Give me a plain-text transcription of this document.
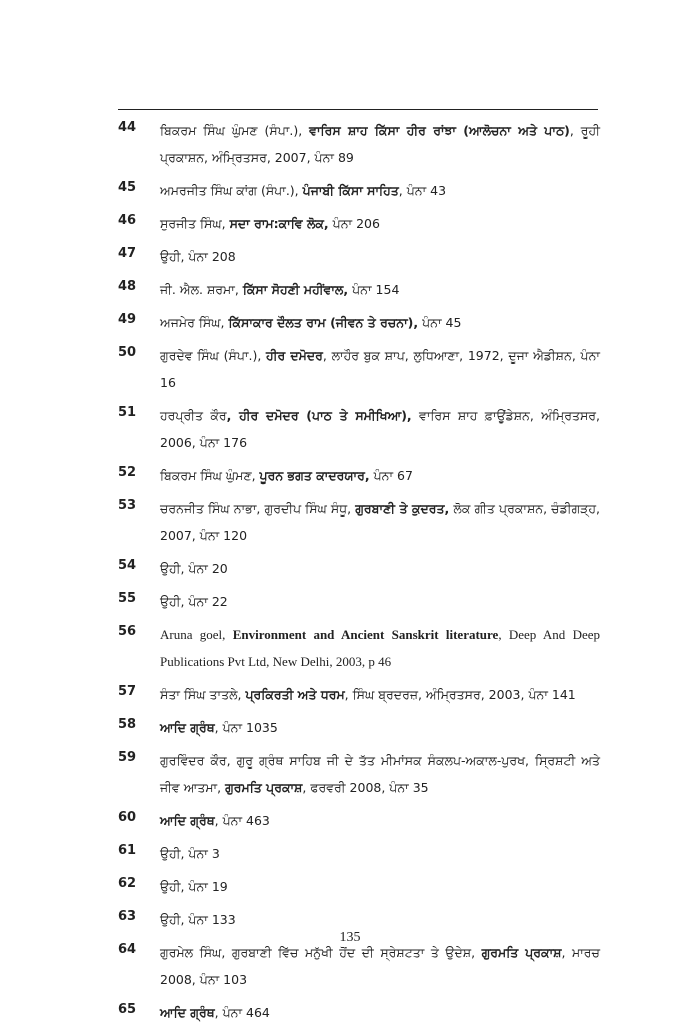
44	ਬਿਕਰਮ ਸਿੰਘ ਘੁੰਮਣ (ਸੰਪਾ.), ਵਾਰਿਸ ਸ਼ਾਹ ਕਿੱਸਾ ਹੀਰ ਰਾਂਝਾ (ਆਲੋਚਨਾ ਅਤੇ ਪਾਠ), ਰੂਹੀ ਪ੍ਰਕਾਸ਼ਨ, ਅੰਮ੍ਰਿਤਸਰ, 2007, ਪੰਨਾ 89
45	ਅਮਰਜੀਤ ਸਿੰਘ ਕਾਂਗ (ਸੰਪਾ.), ਪੰਜਾਬੀ ਕਿੱਸਾ ਸਾਹਿਤ, ਪੰਨਾ 43
46	ਸੁਰਜੀਤ ਸਿੰਘ, ਸਦਾ ਰਾਮ:ਕਾਵਿ ਲੋਕ, ਪੰਨਾ 206
47	ਉਹੀ, ਪੰਨਾ 208
48	ਜੀ. ਐਲ. ਸ਼ਰਮਾ, ਕਿੱਸਾ ਸੋਹਣੀ ਮਹੀਂਵਾਲ, ਪੰਨਾ 154
49	ਅਜਮੇਰ ਸਿੰਘ, ਕਿੱਸਾਕਾਰ ਦੌਲਤ ਰਾਮ (ਜੀਵਨ ਤੇ ਰਚਨਾ), ਪੰਨਾ 45
50	ਗੁਰਦੇਵ ਸਿੰਘ (ਸੰਪਾ.), ਹੀਰ ਦਮੋਦਰ, ਲਾਹੌਰ ਬੁਕ ਸ਼ਾਪ, ਲੁਧਿਆਣਾ, 1972, ਦੂਜਾ ਐਡੀਸ਼ਨ, ਪੰਨਾ 16
51	ਹਰਪ੍ਰੀਤ ਕੌਰ, ਹੀਰ ਦਮੋਦਰ (ਪਾਠ ਤੇ ਸਮੀਖਿਆ), ਵਾਰਿਸ ਸ਼ਾਹ ਫ਼ਾਊਂਡੇਸ਼ਨ, ਅੰਮ੍ਰਿਤਸਰ, 2006, ਪੰਨਾ 176
52	ਬਿਕਰਮ ਸਿੰਘ ਘੁੰਮਣ, ਪੂਰਨ ਭਗਤ ਕਾਦਰਯਾਰ, ਪੰਨਾ 67
53	ਚਰਨਜੀਤ ਸਿੰਘ ਨਾਭਾ, ਗੁਰਦੀਪ ਸਿੰਘ ਸੰਧੂ, ਗੁਰਬਾਣੀ ਤੇ ਕੁਦਰਤ, ਲੋਕ ਗੀਤ ਪ੍ਰਕਾਸ਼ਨ, ਚੰਡੀਗੜ੍ਹ, 2007, ਪੰਨਾ 120
54	ਉਹੀ, ਪੰਨਾ 20
55	ਉਹੀ, ਪੰਨਾ 22
56	Aruna goel, Environment and Ancient Sanskrit literature, Deep And Deep Publications Pvt Ltd, New Delhi, 2003, p 46
57	ਸੰਤਾ ਸਿੰਘ ਤਾਤਲੇ, ਪ੍ਰਕਿਰਤੀ ਅਤੇ ਧਰਮ, ਸਿੰਘ ਬ੍ਰਦਰਜ਼, ਅੰਮ੍ਰਿਤਸਰ, 2003, ਪੰਨਾ 141
58	ਆਦਿ ਗ੍ਰੰਥ, ਪੰਨਾ 1035
59	ਗੁਰਵਿੰਦਰ ਕੌਰ, ਗੁਰੂ ਗ੍ਰੰਥ ਸਾਹਿਬ ਜੀ ਦੇ ਤੱਤ ਮੀਮਾਂਸਕ ਸੰਕਲਪ-ਅਕਾਲ-ਪੁਰਖ, ਸ੍ਰਿਸ਼ਟੀ ਅਤੇ ਜੀਵ ਆਤਮਾ, ਗੁਰਮਤਿ ਪ੍ਰਕਾਸ਼, ਫਰਵਰੀ 2008, ਪੰਨਾ 35
60	ਆਦਿ ਗ੍ਰੰਥ, ਪੰਨਾ 463
61	ਉਹੀ, ਪੰਨਾ 3
62	ਉਹੀ, ਪੰਨਾ 19
63	ਉਹੀ, ਪੰਨਾ 133
64	ਗੁਰਮੇਲ ਸਿੰਘ, ਗੁਰਬਾਣੀ ਵਿੱਚ ਮਨੁੱਖੀ ਹੋਂਦ ਦੀ ਸ੍ਰੇਸ਼ਟਤਾ ਤੇ ਉਦੇਸ਼, ਗੁਰਮਤਿ ਪ੍ਰਕਾਸ਼, ਮਾਰਚ 2008, ਪੰਨਾ 103
65	ਆਦਿ ਗ੍ਰੰਥ, ਪੰਨਾ 464
135
